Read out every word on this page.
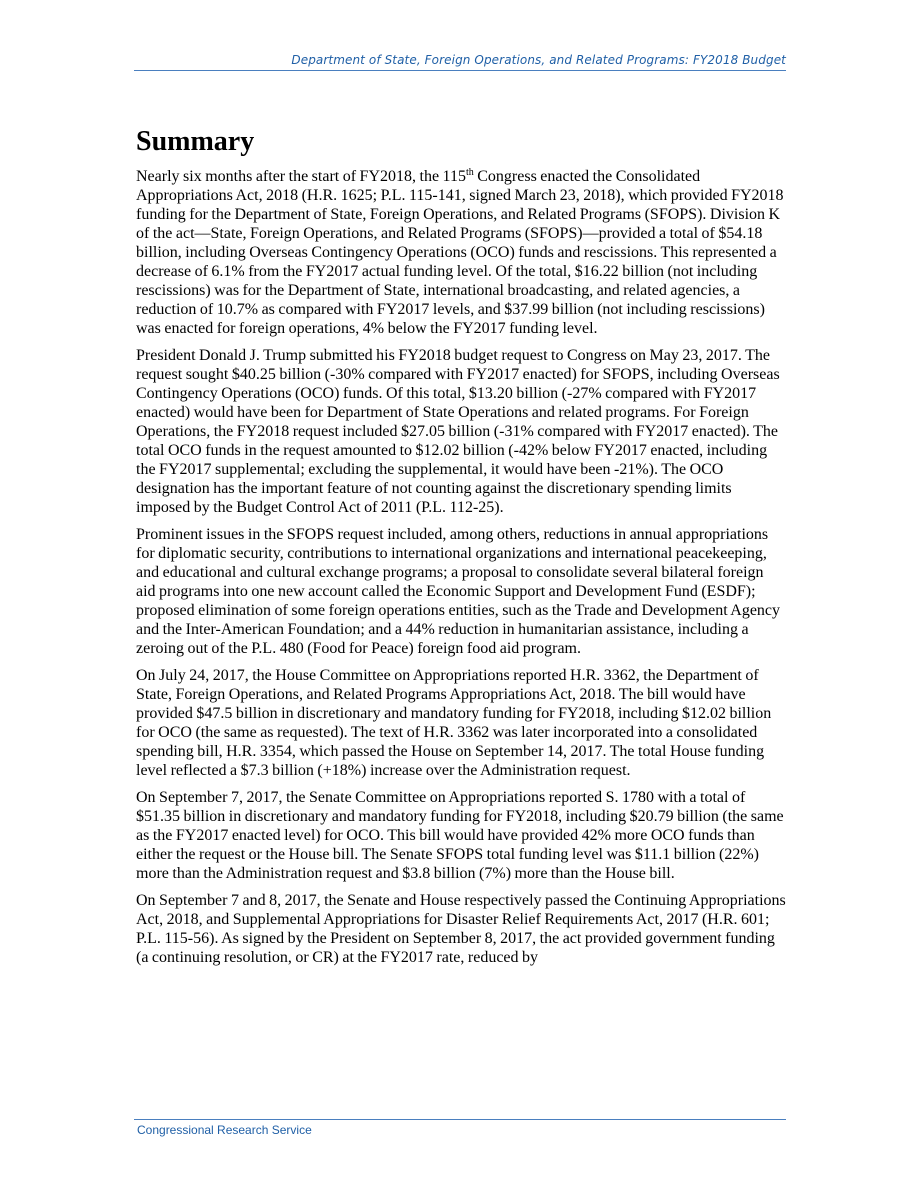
Department of State, Foreign Operations, and Related Programs: FY2018 Budget
Summary

Nearly six months after the start of FY2018, the 115th Congress enacted the Consolidated Appropriations Act, 2018 (H.R. 1625; P.L. 115-141, signed March 23, 2018), which provided FY2018 funding for the Department of State, Foreign Operations, and Related Programs (SFOPS). Division K of the act—State, Foreign Operations, and Related Programs (SFOPS)—provided a total of $54.18 billion, including Overseas Contingency Operations (OCO) funds and rescissions. This represented a decrease of 6.1% from the FY2017 actual funding level. Of the total, $16.22 billion (not including rescissions) was for the Department of State, international broadcasting, and related agencies, a reduction of 10.7% as compared with FY2017 levels, and $37.99 billion (not including rescissions) was enacted for foreign operations, 4% below the FY2017 funding level.

President Donald J. Trump submitted his FY2018 budget request to Congress on May 23, 2017. The request sought $40.25 billion (-30% compared with FY2017 enacted) for SFOPS, including Overseas Contingency Operations (OCO) funds. Of this total, $13.20 billion (-27% compared with FY2017 enacted) would have been for Department of State Operations and related programs. For Foreign Operations, the FY2018 request included $27.05 billion (-31% compared with FY2017 enacted). The total OCO funds in the request amounted to $12.02 billion (-42% below FY2017 enacted, including the FY2017 supplemental; excluding the supplemental, it would have been -21%). The OCO designation has the important feature of not counting against the discretionary spending limits imposed by the Budget Control Act of 2011 (P.L. 112-25).

Prominent issues in the SFOPS request included, among others, reductions in annual appropriations for diplomatic security, contributions to international organizations and international peacekeeping, and educational and cultural exchange programs; a proposal to consolidate several bilateral foreign aid programs into one new account called the Economic Support and Development Fund (ESDF); proposed elimination of some foreign operations entities, such as the Trade and Development Agency and the Inter-American Foundation; and a 44% reduction in humanitarian assistance, including a zeroing out of the P.L. 480 (Food for Peace) foreign food aid program.

On July 24, 2017, the House Committee on Appropriations reported H.R. 3362, the Department of State, Foreign Operations, and Related Programs Appropriations Act, 2018. The bill would have provided $47.5 billion in discretionary and mandatory funding for FY2018, including $12.02 billion for OCO (the same as requested). The text of H.R. 3362 was later incorporated into a consolidated spending bill, H.R. 3354, which passed the House on September 14, 2017. The total House funding level reflected a $7.3 billion (+18%) increase over the Administration request.

On September 7, 2017, the Senate Committee on Appropriations reported S. 1780 with a total of $51.35 billion in discretionary and mandatory funding for FY2018, including $20.79 billion (the same as the FY2017 enacted level) for OCO. This bill would have provided 42% more OCO funds than either the request or the House bill. The Senate SFOPS total funding level was $11.1 billion (22%) more than the Administration request and $3.8 billion (7%) more than the House bill.

On September 7 and 8, 2017, the Senate and House respectively passed the Continuing Appropriations Act, 2018, and Supplemental Appropriations for Disaster Relief Requirements Act, 2017 (H.R. 601; P.L. 115-56). As signed by the President on September 8, 2017, the act provided government funding (a continuing resolution, or CR) at the FY2017 rate, reduced by

Congressional Research Service
